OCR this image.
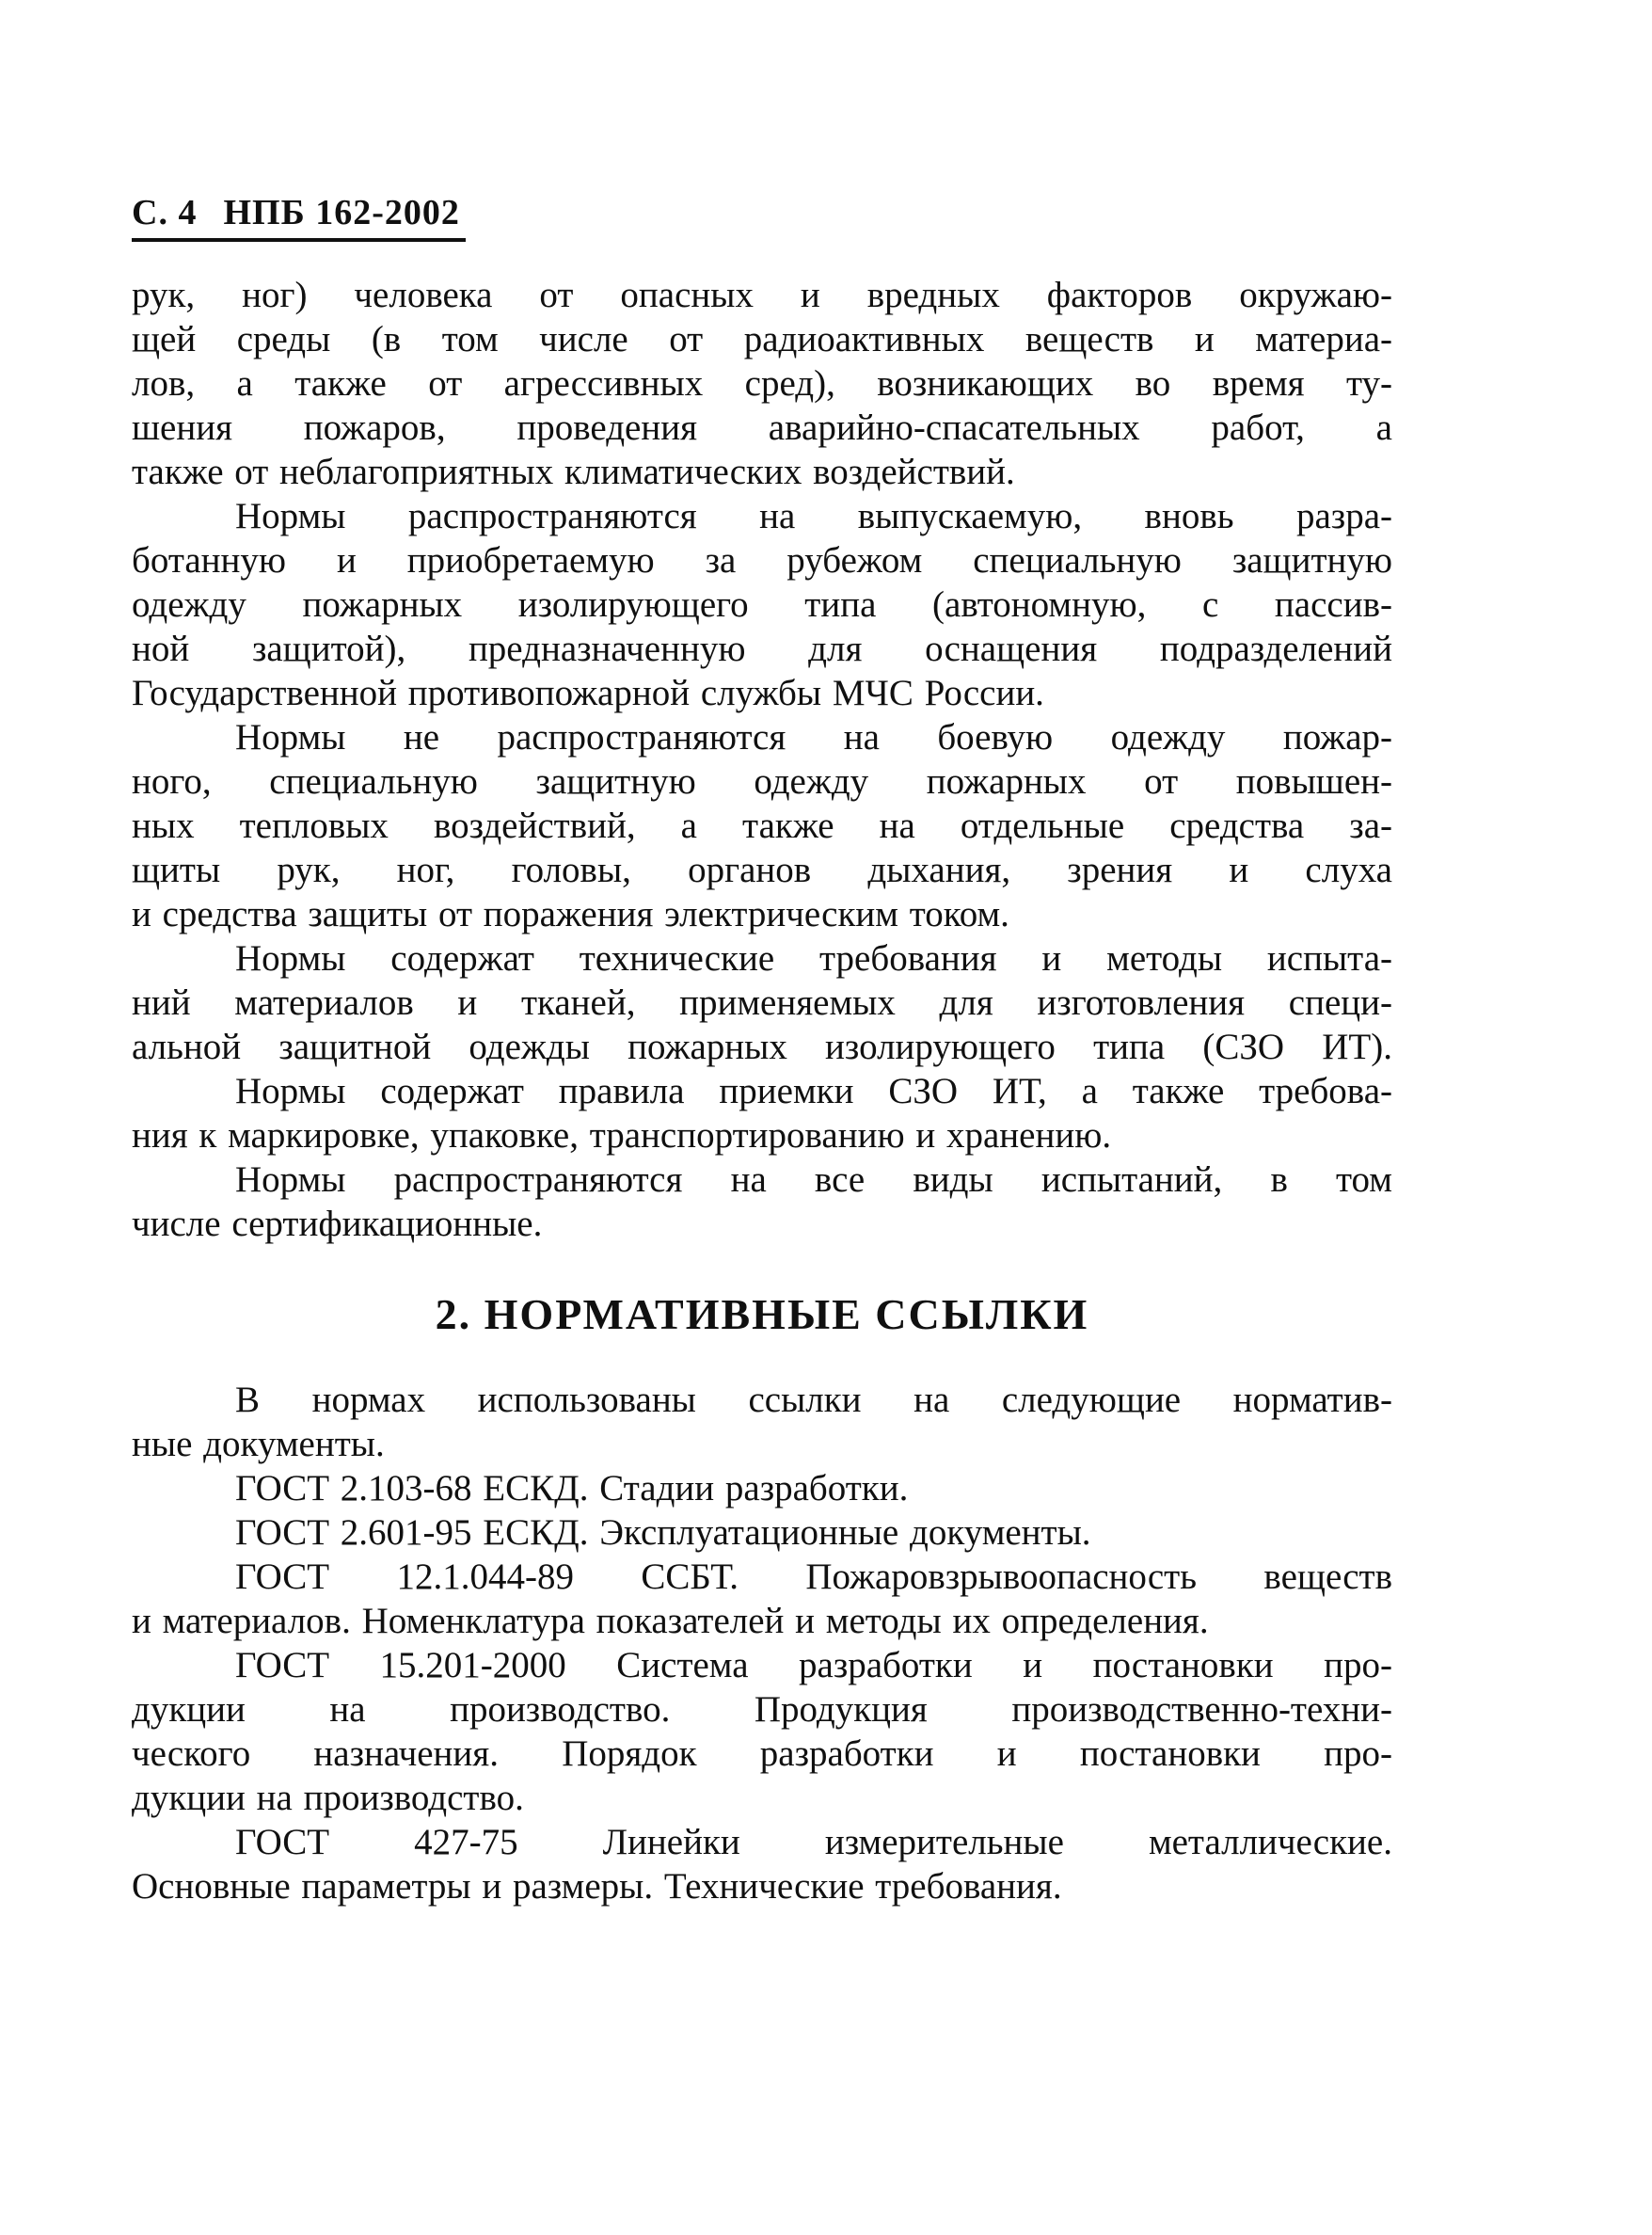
С. 4 НПБ 162-2002
рук, ног) человека от опасных и вредных факторов окружаю-
щей среды (в том числе от радиоактивных веществ и материа-
лов, а также от агрессивных сред), возникающих во время ту-
шения пожаров, проведения аварийно-спасательных работ, а
также от неблагоприятных климатических воздействий.
Нормы распространяются на выпускаемую, вновь разра-
ботанную и приобретаемую за рубежом специальную защитную
одежду пожарных изолирующего типа (автономную, с пассив-
ной защитой), предназначенную для оснащения подразделений
Государственной противопожарной службы МЧС России.
Нормы не распространяются на боевую одежду пожар-
ного, специальную защитную одежду пожарных от повышен-
ных тепловых воздействий, а также на отдельные средства за-
щиты рук, ног, головы, органов дыхания, зрения и слуха
и средства защиты от поражения электрическим током.
Нормы содержат технические требования и методы испыта-
ний материалов и тканей, применяемых для изготовления специ-
альной защитной одежды пожарных изолирующего типа (СЗО ИТ).
Нормы содержат правила приемки СЗО ИТ, а также требова-
ния к маркировке, упаковке, транспортированию и хранению.
Нормы распространяются на все виды испытаний, в том
числе сертификационные.
2. НОРМАТИВНЫЕ ССЫЛКИ
В нормах использованы ссылки на следующие норматив-
ные документы.
ГОСТ 2.103-68 ЕСКД. Стадии разработки.
ГОСТ 2.601-95 ЕСКД. Эксплуатационные документы.
ГОСТ 12.1.044-89 ССБТ. Пожаровзрывоопасность веществ
и материалов. Номенклатура показателей и методы их определения.
ГОСТ 15.201-2000 Система разработки и постановки про-
дукции на производство. Продукция производственно-техни-
ческого назначения. Порядок разработки и постановки про-
дукции на производство.
ГОСТ 427-75 Линейки измерительные металлические.
Основные параметры и размеры. Технические требования.
